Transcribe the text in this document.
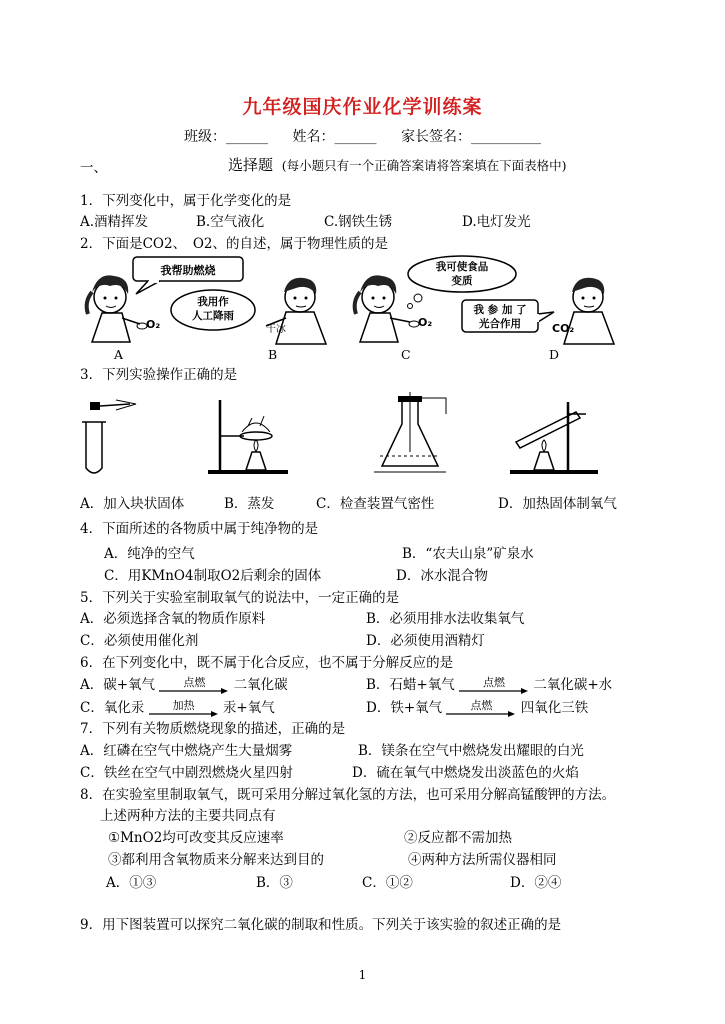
九年级国庆作业化学训练案
班级：______ 姓名：______ 家长签名：__________
一、	选择题 (每小题只有一个正确答案请将答案填在下面表格中)
1．下列变化中，属于化学变化的是
A.酒精挥发	B.空气液化	C.钢铁生锈	D.电灯发光
2．下面是CO2、　O2、的自述，属于物理性质的是
我帮助燃烧
O₂
我用作
人工降雨
干冰
我可使食品
变质
O₂
我 参 加 了
光合作用	CO₂
A	B	C	D
3．下列实验操作正确的是
A．加入块状固体	B．蒸发	C．检查装置气密性	D．加热固体制氧气
4．下面所述的各物质中属于纯净物的是
A．纯净的空气	B．“农夫山泉”矿泉水
C．用KMnO4制取O2后剩余的固体	D．冰水混合物
5．下列关于实验室制取氧气的说法中，一定正确的是
A．必须选择含氧的物质作原料	B．必须用排水法收集氧气
C．必须使用催化剂	D．必须使用酒精灯
6．在下列变化中，既不属于化合反应，也不属于分解反应的是
A．碳+氧气	$^{点燃}$ 二氧化碳	B．石蜡+氧气	$^{点燃}$ 二氧化碳+水
C．氧化汞	$^{加热}$ 汞+氧气	D．铁+氧气	$^{点燃}$ 四氧化三铁
7．下列有关物质燃烧现象的描述，正确的是
A．红磷在空气中燃烧产生大量烟雾	B．镁条在空气中燃烧发出耀眼的白光
C．铁丝在空气中剧烈燃烧火星四射	D．硫在氧气中燃烧发出淡蓝色的火焰
8．在实验室里制取氧气，既可采用分解过氧化氢的方法，也可采用分解高锰酸钾的方法。
上述两种方法的主要共同点有
①MnO2均可改变其反应速率	②反应都不需加热
③都利用含氧物质来分解来达到目的	④两种方法所需仪器相同
A．①③	B．③	C．①②	D．②④
9．用下图装置可以探究二氧化碳的制取和性质。下列关于该实验的叙述正确的是
1
